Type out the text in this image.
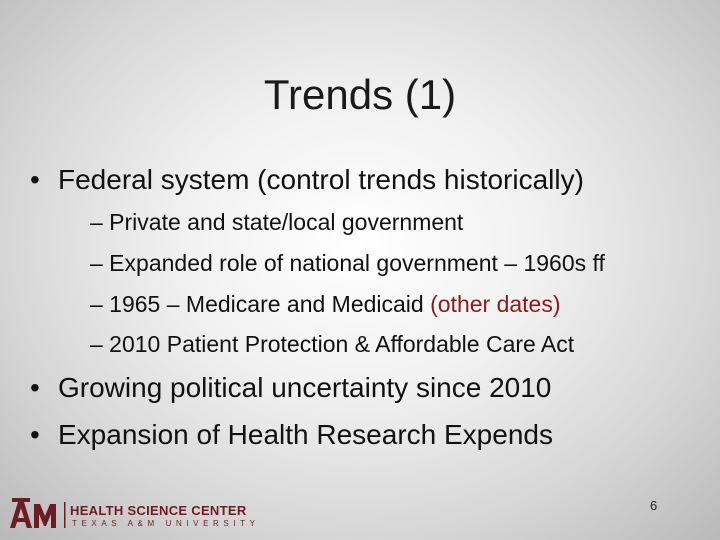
Trends (1)
• Federal system (control trends historically)
– Private and state/local government
– Expanded role of national government – 1960s ff
– 1965 – Medicare and Medicaid (other dates)
– 2010 Patient Protection & Affordable Care Act
• Growing political uncertainty since 2010
• Expansion of Health Research Expends
HEALTH SCIENCE CENTER
TEXAS A&M UNIVERSITY
6
